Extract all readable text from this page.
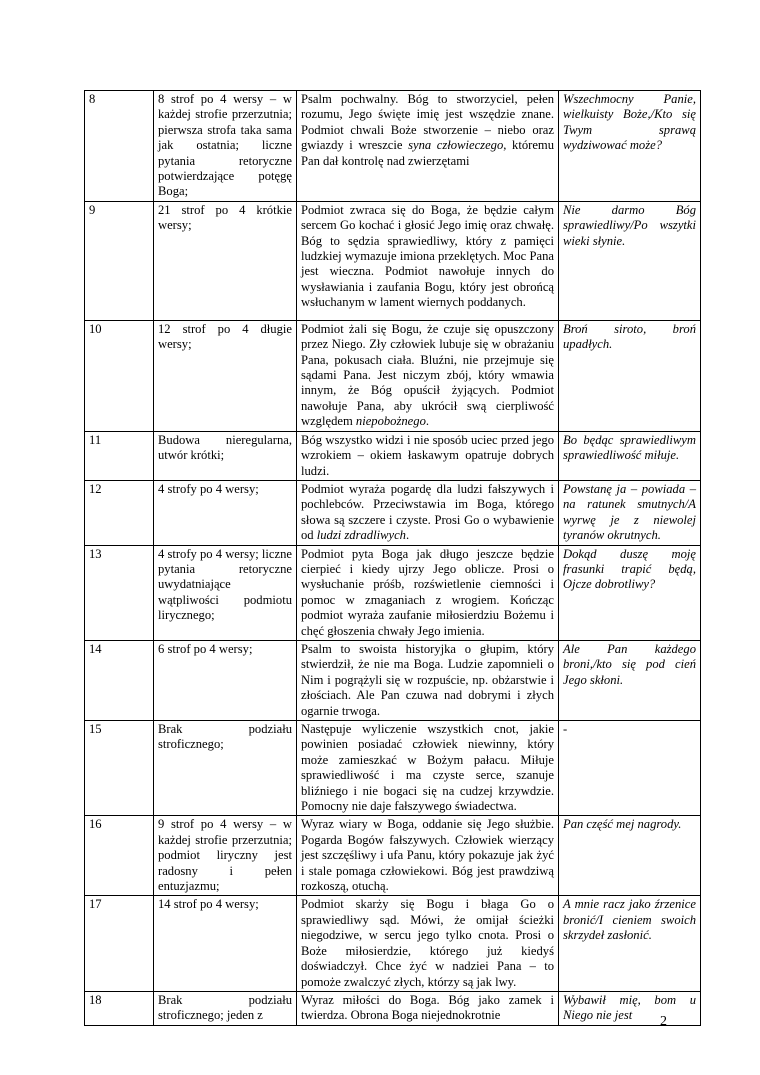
8	8 strof po 4 wersy – w każdej strofie przerzutnia; pierwsza strofa taka sama jak ostatnia; liczne pytania retoryczne potwierdzające potęgę Boga;	Psalm pochwalny. Bóg to stworzyciel, pełen rozumu, Jego święte imię jest wszędzie znane. Podmiot chwali Boże stworzenie – niebo oraz gwiazdy i wreszcie syna człowieczego, któremu Pan dał kontrolę nad zwierzętami	Wszechmocny Panie, wielkuisty Boże,/Kto się Twym sprawą wydziwować może?
9	21 strof po 4 krótkie wersy;	Podmiot zwraca się do Boga, że będzie całym sercem Go kochać i głosić Jego imię oraz chwałę. Bóg to sędzia sprawiedliwy, który z pamięci ludzkiej wymazuje imiona przeklętych. Moc Pana jest wieczna. Podmiot nawołuje innych do wysławiania i zaufania Bogu, który jest obrońcą wsłuchanym w lament wiernych poddanych.	Nie darmo Bóg sprawiedliwy/Po wszytki wieki słynie.
10	12 strof po 4 długie wersy;	Podmiot żali się Bogu, że czuje się opuszczony przez Niego. Zły człowiek lubuje się w obrażaniu Pana, pokusach ciała. Bluźni, nie przejmuje się sądami Pana. Jest niczym zbój, który wmawia innym, że Bóg opuścił żyjących. Podmiot nawołuje Pana, aby ukrócił swą cierpliwość względem niepobożnego.	Broń siroto, broń upadłych.
11	Budowa nieregularna, utwór krótki;	Bóg wszystko widzi i nie sposób uciec przed jego wzrokiem – okiem łaskawym opatruje dobrych ludzi.	Bo będąc sprawiedliwym sprawiedliwość miłuje.
12	4 strofy po 4 wersy;	Podmiot wyraża pogardę dla ludzi fałszywych i pochlebców. Przeciwstawia im Boga, którego słowa są szczere i czyste. Prosi Go o wybawienie od ludzi zdradliwych.	Powstanę ja – powiada – na ratunek smutnych/A wyrwę je z niewolej tyranów okrutnych.
13	4 strofy po 4 wersy; liczne pytania retoryczne uwydatniające wątpliwości podmiotu lirycznego;	Podmiot pyta Boga jak długo jeszcze będzie cierpieć i kiedy ujrzy Jego oblicze. Prosi o wysłuchanie próśb, rozświetlenie ciemności i pomoc w zmaganiach z wrogiem. Kończąc podmiot wyraża zaufanie miłosierdziu Bożemu i chęć głoszenia chwały Jego imienia.	Dokąd duszę moję frasunki trapić będą, Ojcze dobrotliwy?
14	6 strof po 4 wersy;	Psalm to swoista historyjka o głupim, który stwierdził, że nie ma Boga. Ludzie zapomnieli o Nim i pogrążyli się w rozpuście, np. obżarstwie i złościach. Ale Pan czuwa nad dobrymi i złych ogarnie trwoga.	Ale Pan każdego broni,/kto się pod cień Jego skłoni.
15	Brak podziału stroficznego;	Następuje wyliczenie wszystkich cnot, jakie powinien posiadać człowiek niewinny, który może zamieszkać w Bożym pałacu. Miłuje sprawiedliwość i ma czyste serce, szanuje bliźniego i nie bogaci się na cudzej krzywdzie. Pomocny nie daje fałszywego świadectwa.	-
16	9 strof po 4 wersy – w każdej strofie przerzutnia; podmiot liryczny jest radosny i pełen entuzjazmu;	Wyraz wiary w Boga, oddanie się Jego służbie. Pogarda Bogów fałszywych. Człowiek wierzący jest szczęśliwy i ufa Panu, który pokazuje jak żyć i stale pomaga człowiekowi. Bóg jest prawdziwą rozkoszą, otuchą.	Pan część mej nagrody.
17	14 strof po 4 wersy;	Podmiot skarży się Bogu i błaga Go o sprawiedliwy sąd. Mówi, że omijał ścieżki niegodziwe, w sercu jego tylko cnota. Prosi o Boże miłosierdzie, którego już kiedyś doświadczył. Chce żyć w nadziei Pana – to pomoże zwalczyć złych, którzy są jak lwy.	A mnie racz jako źrzenice bronić/I cieniem swoich skrzydeł zasłonić.
18	Brak podziału stroficznego; jeden z	Wyraz miłości do Boga. Bóg jako zamek i twierdza. Obrona Boga niejednokrotnie	Wybawił mię, bom u Niego nie jest 2
